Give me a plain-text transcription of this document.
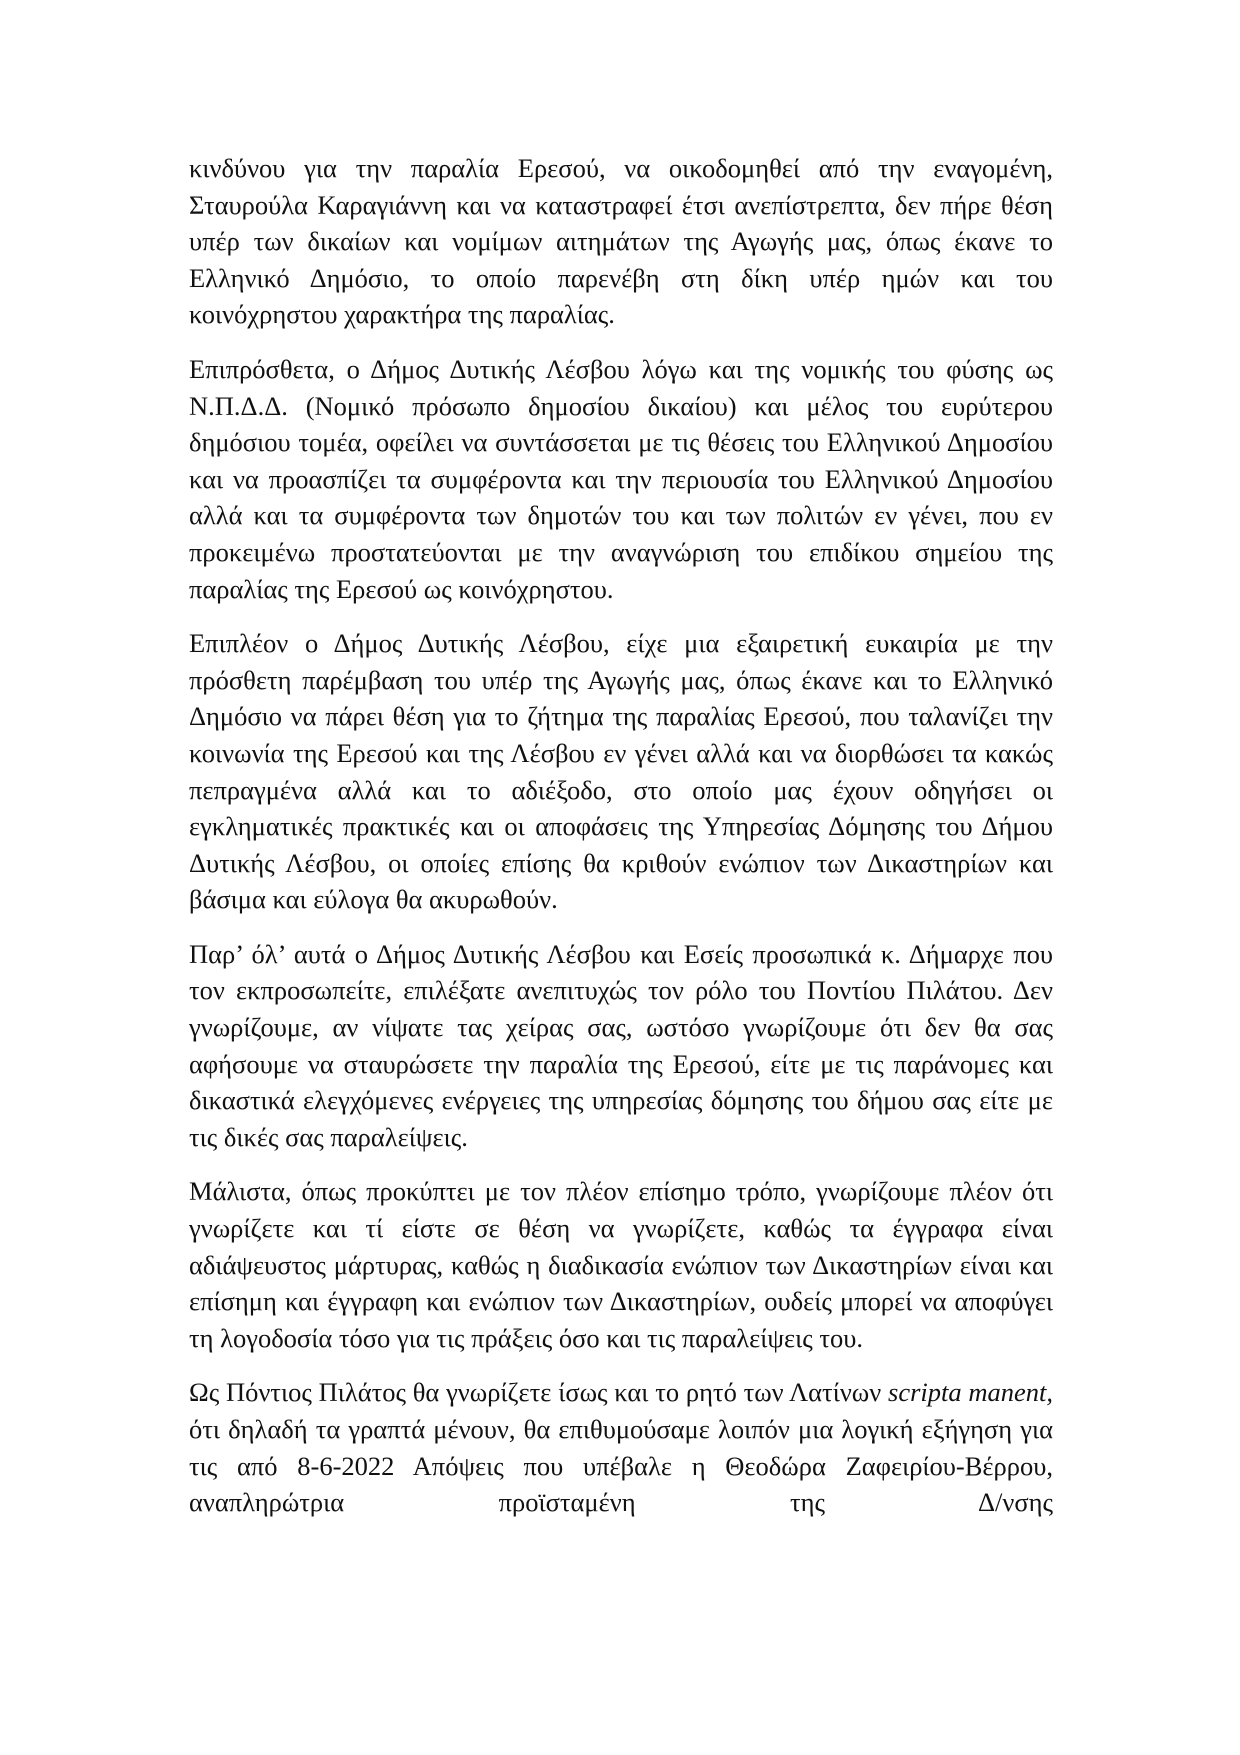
κινδύνου για την παραλία Ερεσού, να οικοδομηθεί από την εναγομένη, Σταυρούλα Καραγιάννη και να καταστραφεί έτσι ανεπίστρεπτα, δεν πήρε θέση υπέρ των δικαίων και νομίμων αιτημάτων της Αγωγής μας, όπως έκανε το Ελληνικό Δημόσιο, το οποίο παρενέβη στη δίκη υπέρ ημών και του κοινόχρηστου χαρακτήρα της παραλίας.

Επιπρόσθετα, ο Δήμος Δυτικής Λέσβου λόγω και της νομικής του φύσης ως Ν.Π.Δ.Δ. (Νομικό πρόσωπο δημοσίου δικαίου) και μέλος του ευρύτερου δημόσιου τομέα, οφείλει να συντάσσεται με τις θέσεις του Ελληνικού Δημοσίου και να προασπίζει τα συμφέροντα και την περιουσία του Ελληνικού Δημοσίου αλλά και τα συμφέροντα των δημοτών του και των πολιτών εν γένει, που εν προκειμένω προστατεύονται με την αναγνώριση του επιδίκου σημείου της παραλίας της Ερεσού ως κοινόχρηστου.

Επιπλέον ο Δήμος Δυτικής Λέσβου, είχε μια εξαιρετική ευκαιρία με την πρόσθετη παρέμβαση του υπέρ της Αγωγής μας, όπως έκανε και το Ελληνικό Δημόσιο να πάρει θέση για το ζήτημα της παραλίας Ερεσού, που ταλανίζει την κοινωνία της Ερεσού και της Λέσβου εν γένει αλλά και να διορθώσει τα κακώς πεπραγμένα αλλά και το αδιέξοδο, στο οποίο μας έχουν οδηγήσει οι εγκληματικές πρακτικές και οι αποφάσεις της Υπηρεσίας Δόμησης του Δήμου Δυτικής Λέσβου, οι οποίες επίσης θα κριθούν ενώπιον των Δικαστηρίων και βάσιμα και εύλογα θα ακυρωθούν.

Παρ’ όλ’ αυτά ο Δήμος Δυτικής Λέσβου και Εσείς προσωπικά κ. Δήμαρχε που τον εκπροσωπείτε, επιλέξατε ανεπιτυχώς τον ρόλο του Ποντίου Πιλάτου. Δεν γνωρίζουμε, αν νίψατε τας χείρας σας, ωστόσο γνωρίζουμε ότι δεν θα σας αφήσουμε να σταυρώσετε την παραλία της Ερεσού, είτε με τις παράνομες και δικαστικά ελεγχόμενες ενέργειες της υπηρεσίας δόμησης του δήμου σας είτε με τις δικές σας παραλείψεις.

Μάλιστα, όπως προκύπτει με τον πλέον επίσημο τρόπο, γνωρίζουμε πλέον ότι γνωρίζετε και τί είστε σε θέση να γνωρίζετε, καθώς τα έγγραφα είναι αδιάψευστος μάρτυρας, καθώς η διαδικασία ενώπιον των Δικαστηρίων είναι και επίσημη και έγγραφη και ενώπιον των Δικαστηρίων, ουδείς μπορεί να αποφύγει τη λογοδοσία τόσο για τις πράξεις όσο και τις παραλείψεις του.

Ως Πόντιος Πιλάτος θα γνωρίζετε ίσως και το ρητό των Λατίνων scripta manent, ότι δηλαδή τα γραπτά μένουν, θα επιθυμούσαμε λοιπόν μια λογική εξήγηση για τις από 8-6-2022 Απόψεις που υπέβαλε η Θεοδώρα Ζαφειρίου-Βέρρου, αναπληρώτρια προϊσταμένη της Δ/νσης
